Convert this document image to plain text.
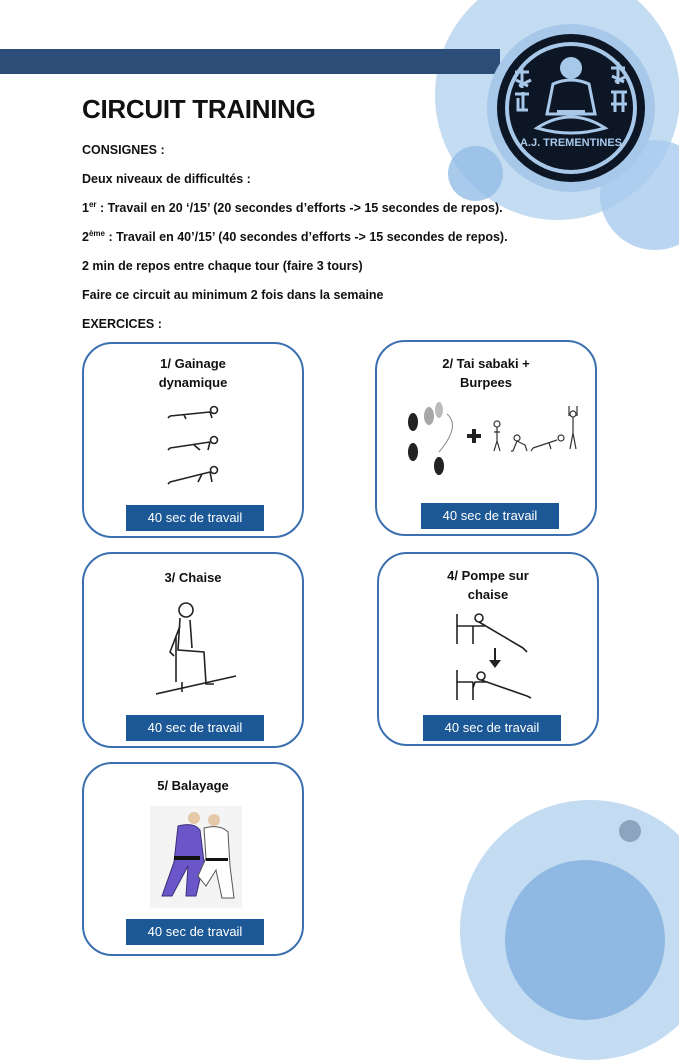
A.J. TREMENTINES
CIRCUIT TRAINING
CONSIGNES :
Deux niveaux de difficultés :
1er : Travail en 20 ‘/15’ (20 secondes d’efforts -> 15 secondes de repos).
2ème : Travail en 40’/15’ (40 secondes d’efforts -> 15 secondes de repos).
2 min de repos entre chaque tour (faire 3 tours)
Faire ce circuit au minimum 2 fois dans la semaine
EXERCICES :
1/ Gainage
dynamique
40 sec de travail
2/ Tai sabaki +
Burpees
40 sec de travail
3/ Chaise
40 sec de travail
4/ Pompe sur
chaise
40 sec de travail
5/ Balayage
40 sec de travail
